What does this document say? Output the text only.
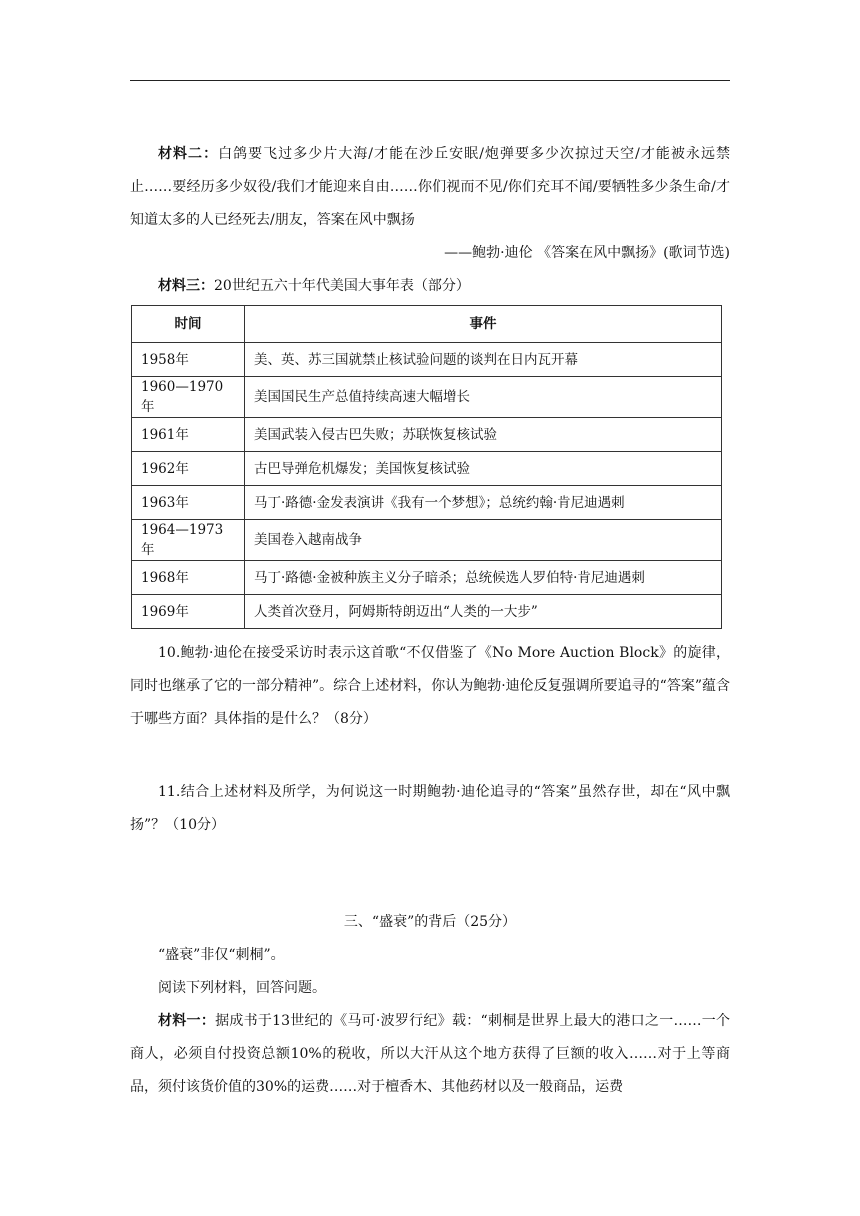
材料二：白鸽要飞过多少片大海/才能在沙丘安眠/炮弹要多少次掠过天空/才能被永远禁止……要经历多少奴役/我们才能迎来自由……你们视而不见/你们充耳不闻/要牺牲多少条生命/才知道太多的人已经死去/朋友，答案在风中飘扬

——鲍勃·迪伦 《答案在风中飘扬》(歌词节选)

材料三：20世纪五六十年代美国大事年表（部分）

时间	事件
1958年	美、英、苏三国就禁止核试验问题的谈判在日内瓦开幕
1960—1970年	美国国民生产总值持续高速大幅增长
1961年	美国武装入侵古巴失败；苏联恢复核试验
1962年	古巴导弹危机爆发；美国恢复核试验
1963年	马丁·路德·金发表演讲《我有一个梦想》；总统约翰·肯尼迪遇刺
1964—1973年	美国卷入越南战争
1968年	马丁·路德·金被种族主义分子暗杀；总统候选人罗伯特·肯尼迪遇刺
1969年	人类首次登月，阿姆斯特朗迈出“人类的一大步”

10.鲍勃·迪伦在接受采访时表示这首歌“不仅借鉴了《No More Auction Block》的旋律，同时也继承了它的一部分精神”。综合上述材料，你认为鲍勃·迪伦反复强调所要追寻的“答案”蕴含于哪些方面？具体指的是什么？（8分）

11.结合上述材料及所学，为何说这一时期鲍勃·迪伦追寻的“答案”虽然存世，却在“风中飘扬”？（10分）

三、“盛衰”的背后（25分）

“盛衰”非仅“刺桐”。

阅读下列材料，回答问题。

材料一：据成书于13世纪的《马可·波罗行纪》载：“刺桐是世界上最大的港口之一……一个商人，必须自付投资总额10%的税收，所以大汗从这个地方获得了巨额的收入……对于上等商品，须付该货价值的30%的运费……对于檀香木、其他药材以及一般商品，运费
